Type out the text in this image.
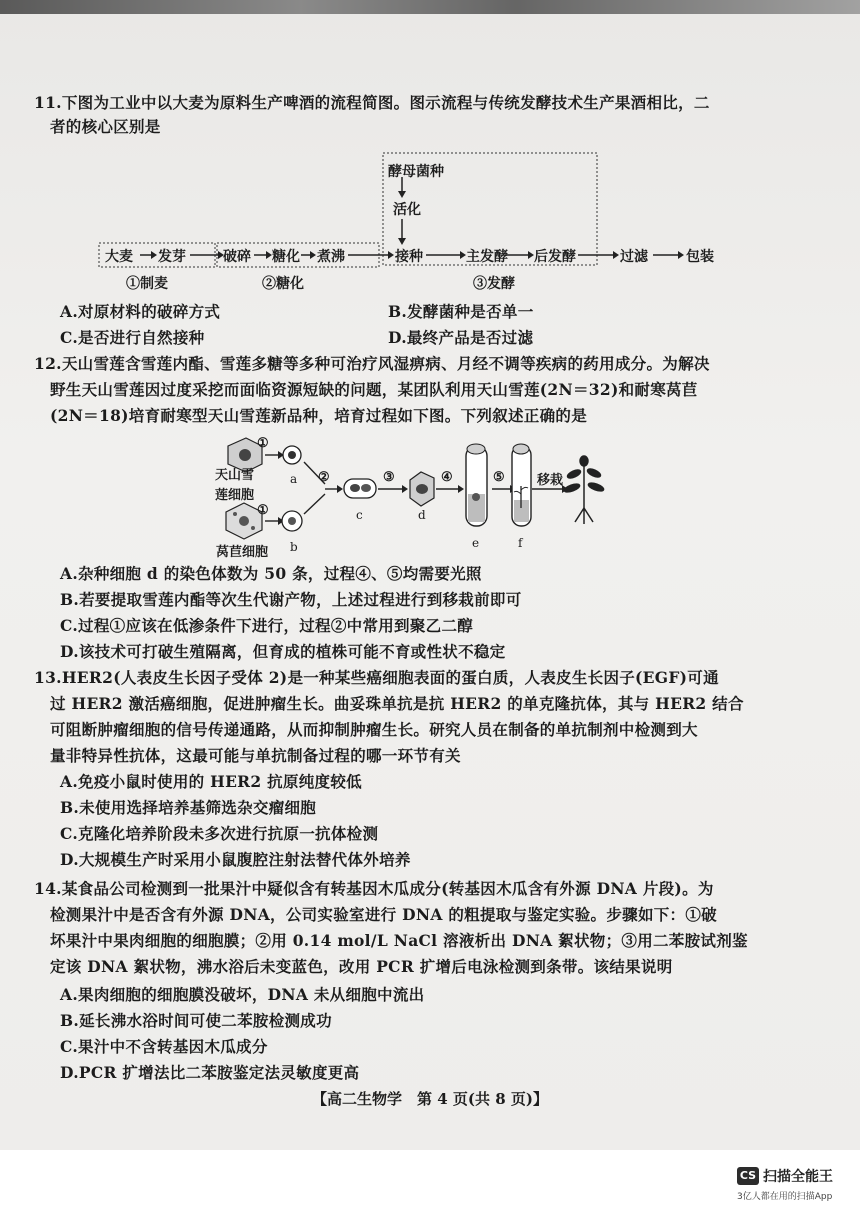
11.下图为工业中以大麦为原料生产啤酒的流程简图。图示流程与传统发酵技术生产果酒相比，二
者的核心区别是
酵母菌种
活化
大麦 发芽	破碎 糖化 煮沸	接种	主发酵 后发酵	过滤	包装
①制麦	②糖化	③发酵
A.对原材料的破碎方式	B.发酵菌种是否单一
C.是否进行自然接种	D.最终产品是否过滤
12.天山雪莲含雪莲内酯、雪莲多糖等多种可治疗风湿痹病、月经不调等疾病的药用成分。为解决
野生天山雪莲因过度采挖而面临资源短缺的问题，某团队利用天山雪莲(2N＝32)和耐寒莴苣
(2N＝18)培育耐寒型天山雪莲新品种，培育过程如下图。下列叙述正确的是
天山雪
莲细胞
莴苣细胞
①
①
②	③	④	⑤ 移栽
a
b
c	d
e	f
A.杂种细胞 d 的染色体数为 50 条，过程④、⑤均需要光照
B.若要提取雪莲内酯等次生代谢产物，上述过程进行到移栽前即可
C.过程①应该在低渗条件下进行，过程②中常用到聚乙二醇
D.该技术可打破生殖隔离，但育成的植株可能不育或性状不稳定
13.HER2(人表皮生长因子受体 2)是一种某些癌细胞表面的蛋白质，人表皮生长因子(EGF)可通
过 HER2 激活癌细胞，促进肿瘤生长。曲妥珠单抗是抗 HER2 的单克隆抗体，其与 HER2 结合
可阻断肿瘤细胞的信号传递通路，从而抑制肿瘤生长。研究人员在制备的单抗制剂中检测到大
量非特异性抗体，这最可能与单抗制备过程的哪一环节有关
A.免疫小鼠时使用的 HER2 抗原纯度较低
B.未使用选择培养基筛选杂交瘤细胞
C.克隆化培养阶段未多次进行抗原一抗体检测
D.大规模生产时采用小鼠腹腔注射法替代体外培养
14.某食品公司检测到一批果汁中疑似含有转基因木瓜成分(转基因木瓜含有外源 DNA 片段)。为
检测果汁中是否含有外源 DNA，公司实验室进行 DNA 的粗提取与鉴定实验。步骤如下：①破
坏果汁中果肉细胞的细胞膜；②用 0.14 mol/L NaCl 溶液析出 DNA 絮状物；③用二苯胺试剂鉴
定该 DNA 絮状物，沸水浴后未变蓝色，改用 PCR 扩增后电泳检测到条带。该结果说明
A.果肉细胞的细胞膜没破坏，DNA 未从细胞中流出
B.延长沸水浴时间可使二苯胺检测成功
C.果汁中不含转基因木瓜成分
D.PCR 扩增法比二苯胺鉴定法灵敏度更高
【高二生物学　第 4 页(共 8 页)】
CS 扫描全能王
3亿人都在用的扫描App
